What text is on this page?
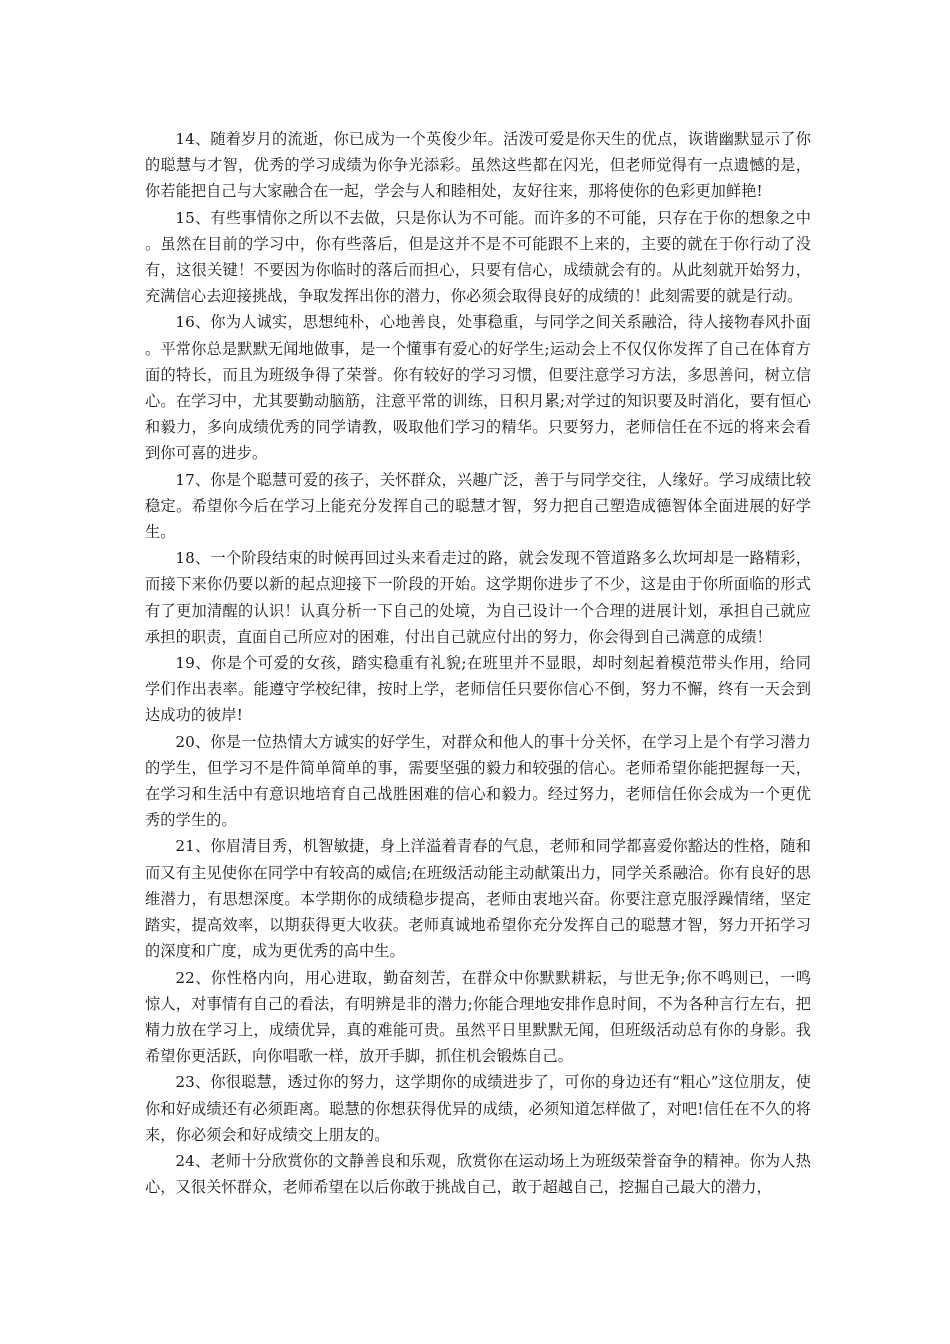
14、随着岁月的流逝，你已成为一个英俊少年。活泼可爱是你天生的优点，诙谐幽默显示了你的聪慧与才智，优秀的学习成绩为你争光添彩。虽然这些都在闪光，但老师觉得有一点遗憾的是，你若能把自己与大家融合在一起，学会与人和睦相处，友好往来，那将使你的色彩更加鲜艳!

15、有些事情你之所以不去做，只是你认为不可能。而许多的不可能，只存在于你的想象之中。虽然在目前的学习中，你有些落后，但是这并不是不可能跟不上来的，主要的就在于你行动了没有，这很关键！不要因为你临时的落后而担心，只要有信心，成绩就会有的。从此刻就开始努力，充满信心去迎接挑战，争取发挥出你的潜力，你必须会取得良好的成绩的！此刻需要的就是行动。

16、你为人诚实，思想纯朴，心地善良，处事稳重，与同学之间关系融洽，待人接物春风扑面。平常你总是默默无闻地做事，是一个懂事有爱心的好学生;运动会上不仅仅你发挥了自己在体育方面的特长，而且为班级争得了荣誉。你有较好的学习习惯，但要注意学习方法，多思善问，树立信心。在学习中，尤其要勤动脑筋，注意平常的训练，日积月累;对学过的知识要及时消化，要有恒心和毅力，多向成绩优秀的同学请教，吸取他们学习的精华。只要努力，老师信任在不远的将来会看到你可喜的进步。

17、你是个聪慧可爱的孩子，关怀群众，兴趣广泛，善于与同学交往，人缘好。学习成绩比较稳定。希望你今后在学习上能充分发挥自己的聪慧才智，努力把自己塑造成德智体全面进展的好学生。

18、一个阶段结束的时候再回过头来看走过的路，就会发现不管道路多么坎坷却是一路精彩，而接下来你仍要以新的起点迎接下一阶段的开始。这学期你进步了不少，这是由于你所面临的形式有了更加清醒的认识！认真分析一下自己的处境，为自己设计一个合理的进展计划，承担自己就应承担的职责，直面自己所应对的困难，付出自己就应付出的努力，你会得到自己满意的成绩！

19、你是个可爱的女孩，踏实稳重有礼貌;在班里并不显眼，却时刻起着模范带头作用，给同学们作出表率。能遵守学校纪律，按时上学，老师信任只要你信心不倒，努力不懈，终有一天会到达成功的彼岸!

20、你是一位热情大方诚实的好学生，对群众和他人的事十分关怀，在学习上是个有学习潜力的学生，但学习不是件简单简单的事，需要坚强的毅力和较强的信心。老师希望你能把握每一天，在学习和生活中有意识地培育自己战胜困难的信心和毅力。经过努力，老师信任你会成为一个更优秀的学生的。

21、你眉清目秀，机智敏捷，身上洋溢着青春的气息，老师和同学都喜爱你豁达的性格，随和而又有主见使你在同学中有较高的威信;在班级活动能主动献策出力，同学关系融洽。你有良好的思维潜力，有思想深度。本学期你的成绩稳步提高，老师由衷地兴奋。你要注意克服浮躁情绪，坚定踏实，提高效率，以期获得更大收获。老师真诚地希望你充分发挥自己的聪慧才智，努力开拓学习的深度和广度，成为更优秀的高中生。

22、你性格内向，用心进取，勤奋刻苦，在群众中你默默耕耘，与世无争;你不鸣则已，一鸣惊人，对事情有自己的看法，有明辨是非的潜力;你能合理地安排作息时间，不为各种言行左右，把精力放在学习上，成绩优异，真的难能可贵。虽然平日里默默无闻，但班级活动总有你的身影。我希望你更活跃，向你唱歌一样，放开手脚，抓住机会锻炼自己。

23、你很聪慧，透过你的努力，这学期你的成绩进步了，可你的身边还有“粗心”这位朋友，使你和好成绩还有必须距离。聪慧的你想获得优异的成绩，必须知道怎样做了，对吧!信任在不久的将来，你必须会和好成绩交上朋友的。

24、老师十分欣赏你的文静善良和乐观，欣赏你在运动场上为班级荣誉奋争的精神。你为人热心，又很关怀群众，老师希望在以后你敢于挑战自己，敢于超越自己，挖掘自己最大的潜力，
